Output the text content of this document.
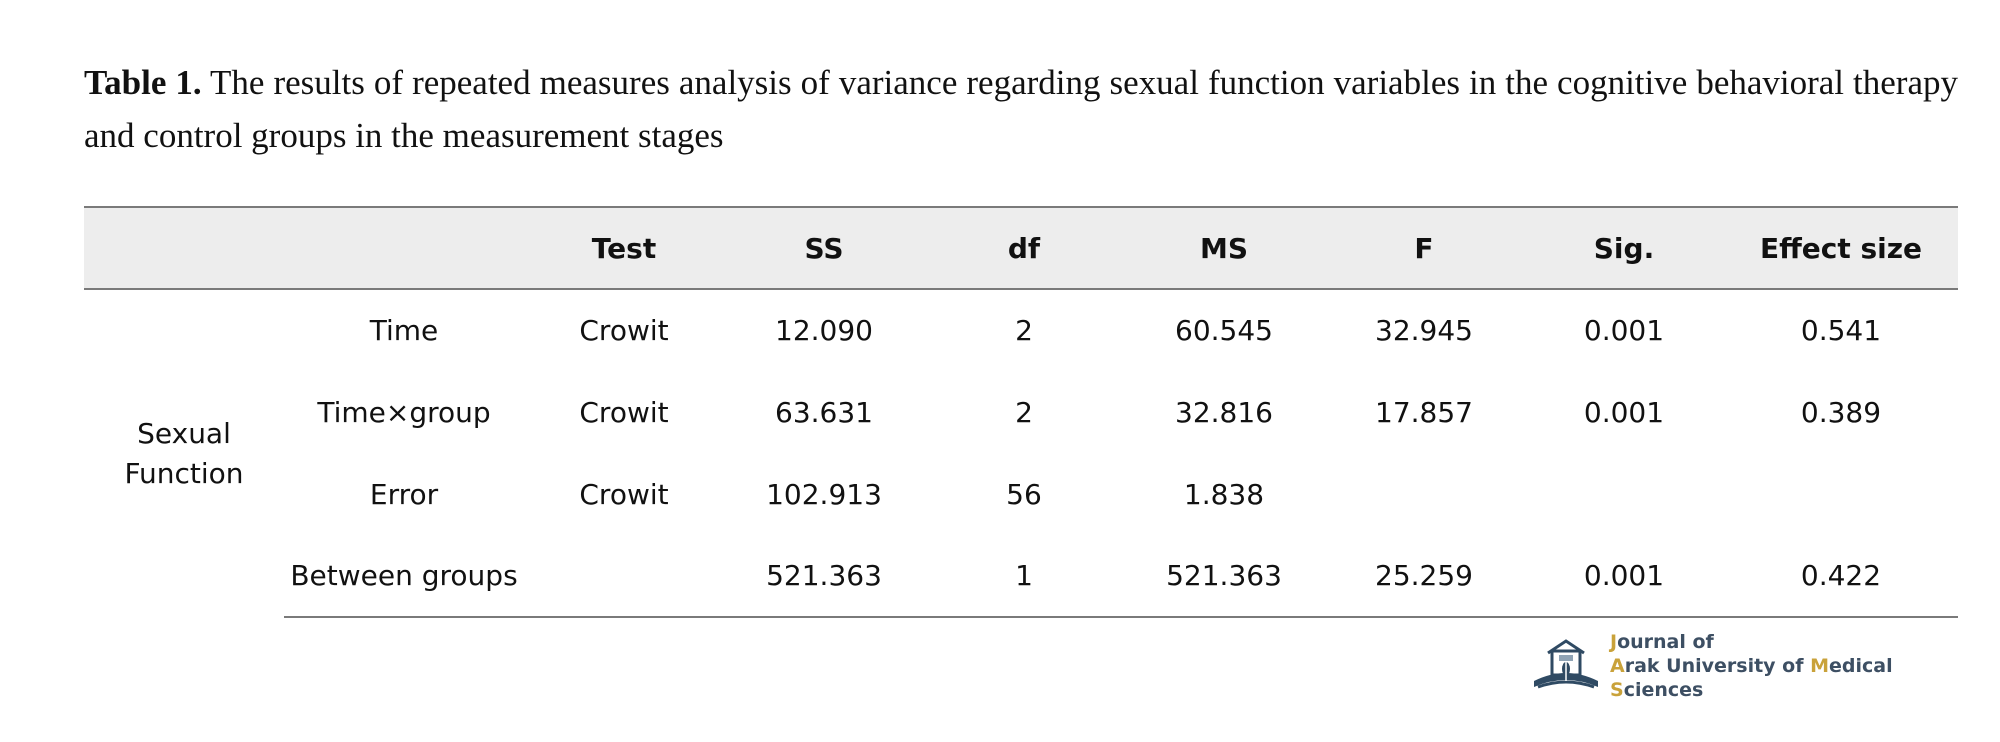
Table 1. The results of repeated measures analysis of variance regarding sexual function variables in the cognitive behavioral therapy and control groups in the measurement stages
		Test	SS	df	MS	F	Sig.	Effect size

Sexual Function	Time	Crowit	12.090	2	60.545	32.945	0.001	0.541
	Time×group	Crowit	63.631	2	32.816	17.857	0.001	0.389
	Error	Crowit	102.913	56	1.838			
	Between groups		521.363	1	521.363	25.259	0.001	0.422
Journal of
Arak University of Medical Sciences
